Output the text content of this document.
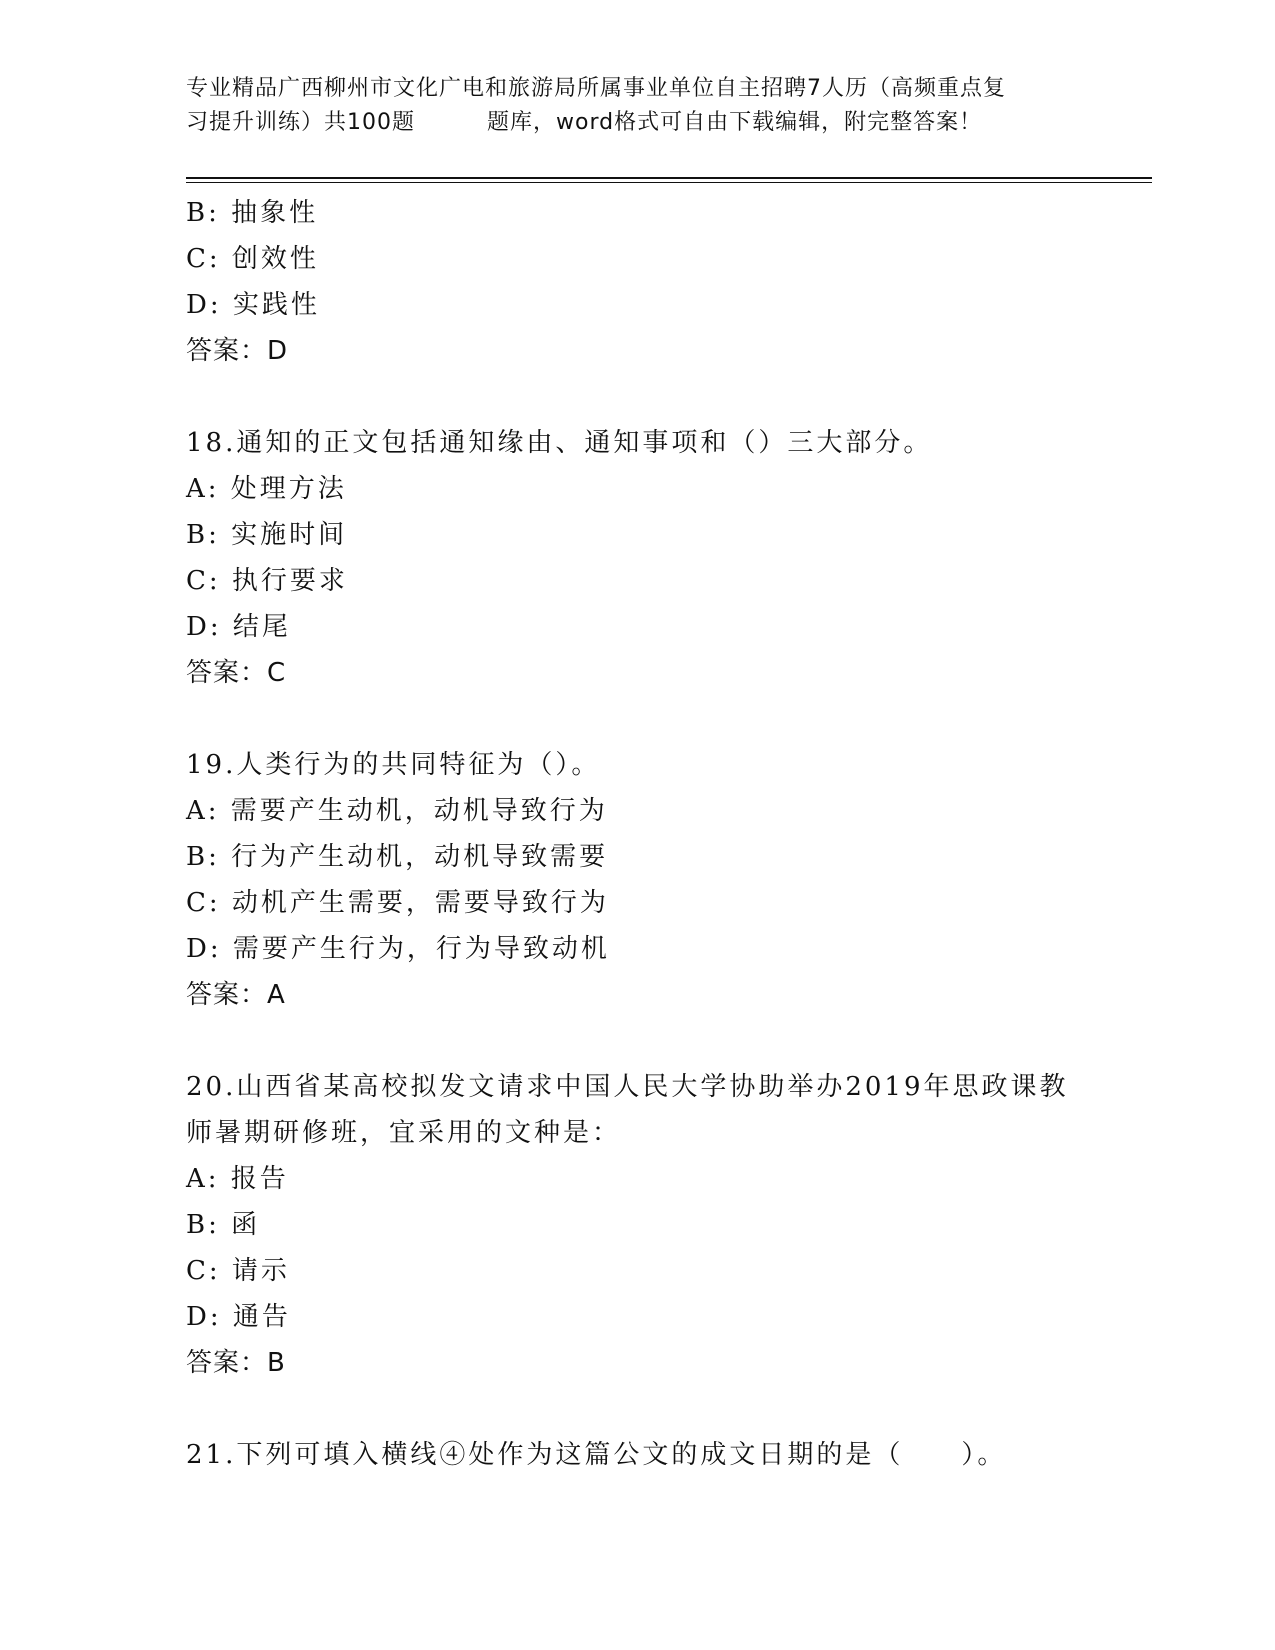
专业精品广西柳州市文化广电和旅游局所属事业单位自主招聘7人历（高频重点复
习提升训练）共100题	题库，word格式可自由下载编辑，附完整答案！
B: 抽象性
C: 创效性
D: 实践性
答案：D
18.通知的正文包括通知缘由、通知事项和（）三大部分。
A: 处理方法
B: 实施时间
C: 执行要求
D: 结尾
答案：C
19.人类行为的共同特征为（）。
A: 需要产生动机，动机导致行为
B: 行为产生动机，动机导致需要
C: 动机产生需要，需要导致行为
D: 需要产生行为，行为导致动机
答案：A
20.山西省某高校拟发文请求中国人民大学协助举办2019年思政课教
师暑期研修班，宜采用的文种是：
A: 报告
B: 函
C: 请示
D: 通告
答案：B
21.下列可填入横线④处作为这篇公文的成文日期的是（　　）。
